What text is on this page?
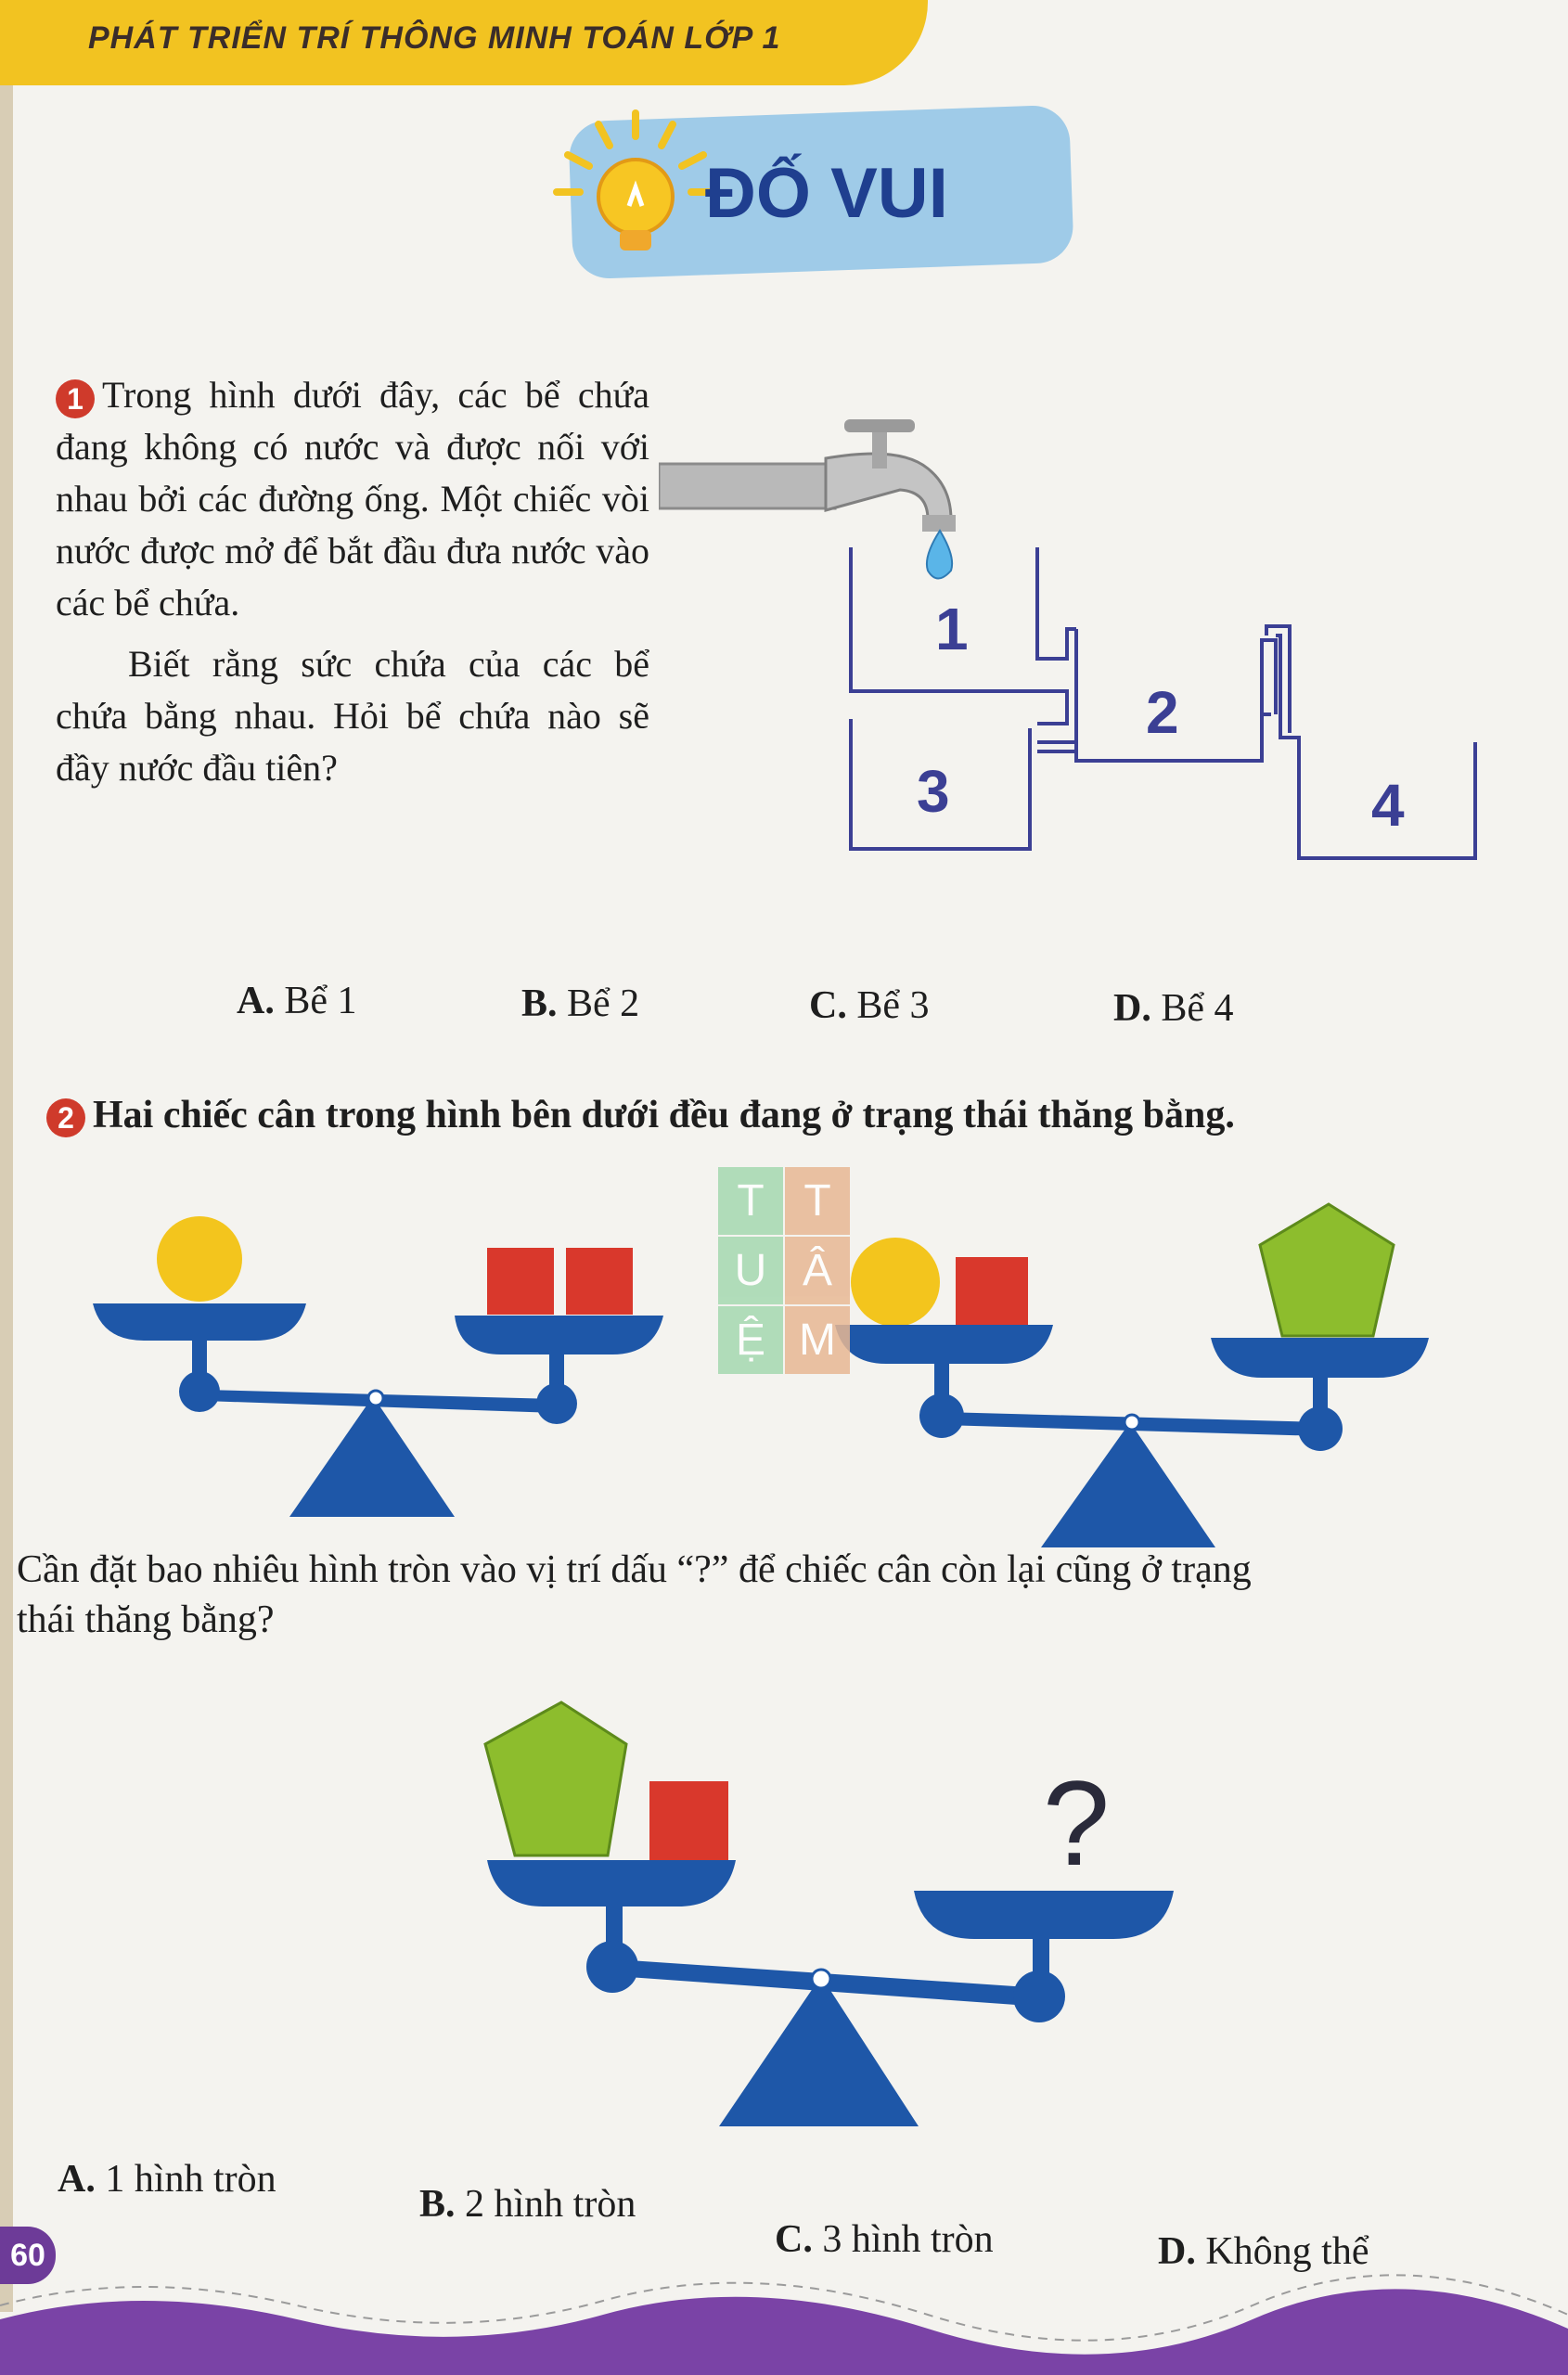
PHÁT TRIỂN TRÍ THÔNG MINH TOÁN LỚP 1
ĐỐ VUI

1 Trong hình dưới đây, các bể chứa đang không có nước và được nối với nhau bởi các đường ống. Một chiếc vòi nước được mở để bắt đầu đưa nước vào các bể chứa.

Biết rằng sức chứa của các bể chứa bằng nhau. Hỏi bể chứa nào sẽ đầy nước đầu tiên?

1
2
3	4
A. Bể 1	B. Bể 2	C. Bể 3	D. Bể 4
2 Hai chiếc cân trong hình bên dưới đều đang ở trạng thái thăng bằng.
T T
U Â
Ệ M
Cần đặt bao nhiêu hình tròn vào vị trí dấu “?” để chiếc cân còn lại cũng ở trạng
thái thăng bằng?
?
A. 1 hình tròn
B. 2 hình tròn
C. 3 hình tròn	D. Không thể
60
